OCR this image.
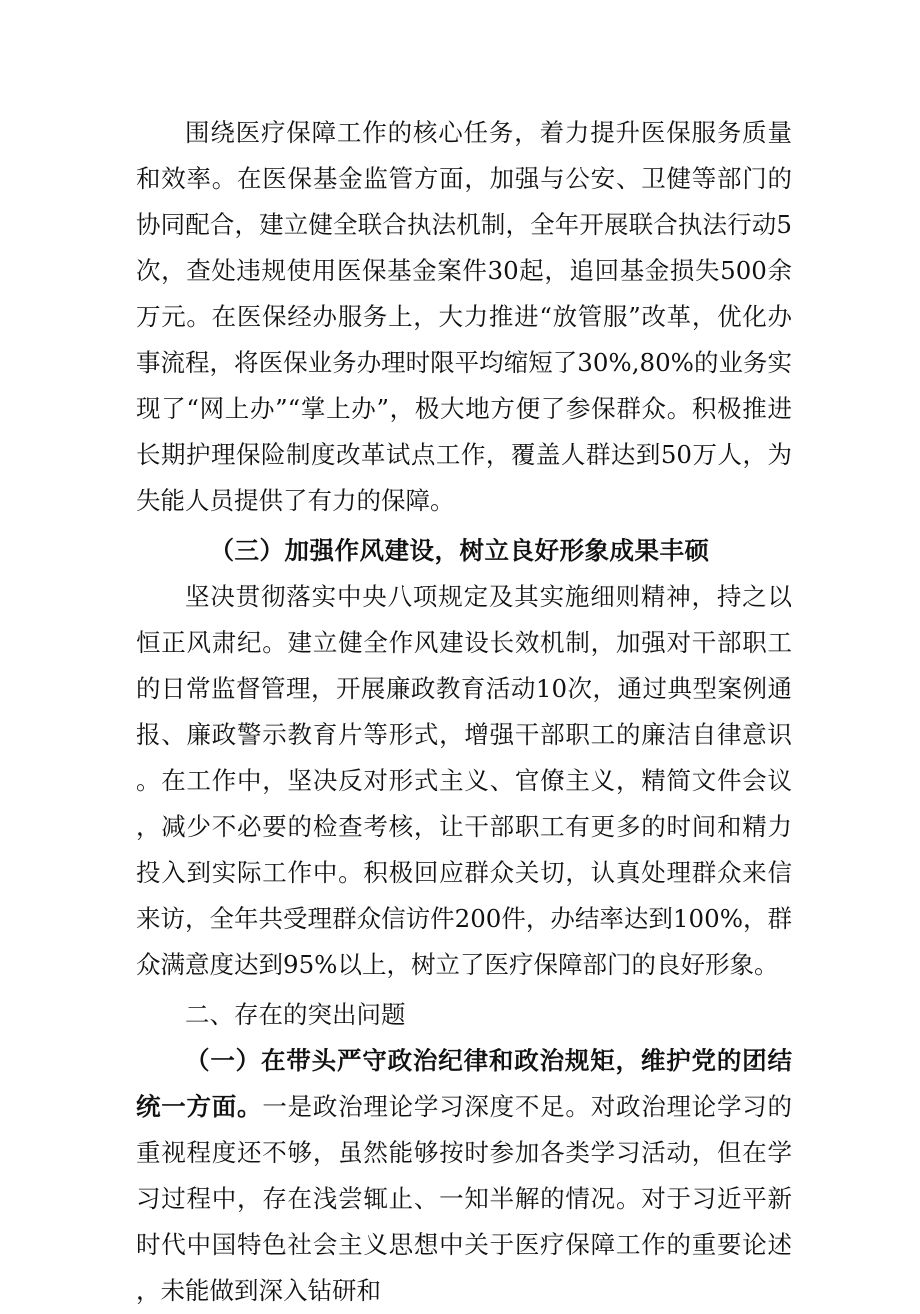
围绕医疗保障工作的核心任务，着力提升医保服务质量和效率。在医保基金监管方面，加强与公安、卫健等部门的协同配合，建立健全联合执法机制，全年开展联合执法行动5次，查处违规使用医保基金案件30起，追回基金损失500余万元。在医保经办服务上，大力推进“放管服”改革，优化办事流程，将医保业务办理时限平均缩短了30%,80%的业务实现了“网上办”“掌上办”，极大地方便了参保群众。积极推进长期护理保险制度改革试点工作，覆盖人群达到50万人，为失能人员提供了有力的保障。

（三）加强作风建设，树立良好形象成果丰硕

坚决贯彻落实中央八项规定及其实施细则精神，持之以恒正风肃纪。建立健全作风建设长效机制，加强对干部职工的日常监督管理，开展廉政教育活动10次，通过典型案例通报、廉政警示教育片等形式，增强干部职工的廉洁自律意识。在工作中，坚决反对形式主义、官僚主义，精简文件会议，减少不必要的检查考核，让干部职工有更多的时间和精力投入到实际工作中。积极回应群众关切，认真处理群众来信来访，全年共受理群众信访件200件，办结率达到100%，群众满意度达到95%以上，树立了医疗保障部门的良好形象。

二、存在的突出问题

（一）在带头严守政治纪律和政治规矩，维护党的团结统一方面。一是政治理论学习深度不足。对政治理论学习的重视程度还不够，虽然能够按时参加各类学习活动，但在学习过程中，存在浅尝辄止、一知半解的情况。对于习近平新时代中国特色社会主义思想中关于医疗保障工作的重要论述，未能做到深入钻研和
